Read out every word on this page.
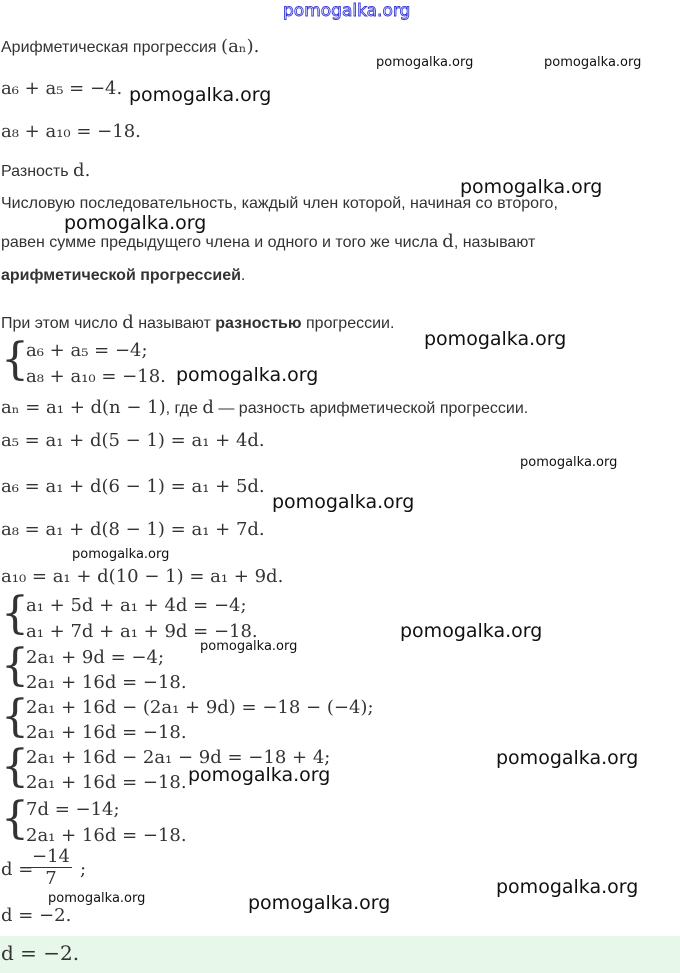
pomogalka.org
Арифметическая прогрессия (aₙ).
a₆ + a₅ = −4.
a₈ + a₁₀ = −18.
Разность d.
Числовую последовательность, каждый член которой, начиная со второго,
равен сумме предыдущего члена и одного и того же числа d, называют
арифметической прогрессией.
При этом число d называют разностью прогрессии.
{
a₆ + a₅ = −4;
a₈ + a₁₀ = −18.
aₙ = a₁ + d(n − 1), где d — разность арифметической прогрессии.
a₅ = a₁ + d(5 − 1) = a₁ + 4d.
a₆ = a₁ + d(6 − 1) = a₁ + 5d.
a₈ = a₁ + d(8 − 1) = a₁ + 7d.
a₁₀ = a₁ + d(10 − 1) = a₁ + 9d.
{
a₁ + 5d + a₁ + 4d = −4;
a₁ + 7d + a₁ + 9d = −18.
{
2a₁ + 9d = −4;
2a₁ + 16d = −18.
{
2a₁ + 16d − (2a₁ + 9d) = −18 − (−4);
2a₁ + 16d = −18.
{
2a₁ + 16d − 2a₁ − 9d = −18 + 4;
2a₁ + 16d = −18.
{
7d = −14;
2a₁ + 16d = −18.
d =
$\frac{-14}{7}$ ;
d = −2.
d = −2.
pomogalka.org	pomogalka.org
pomogalka.org
pomogalka.org
pomogalka.org
pomogalka.org
pomogalka.org
pomogalka.org
pomogalka.org
pomogalka.org
pomogalka.org
pomogalka.org
pomogalka.org
pomogalka.org
pomogalka.org
pomogalka.org	pomogalka.org
